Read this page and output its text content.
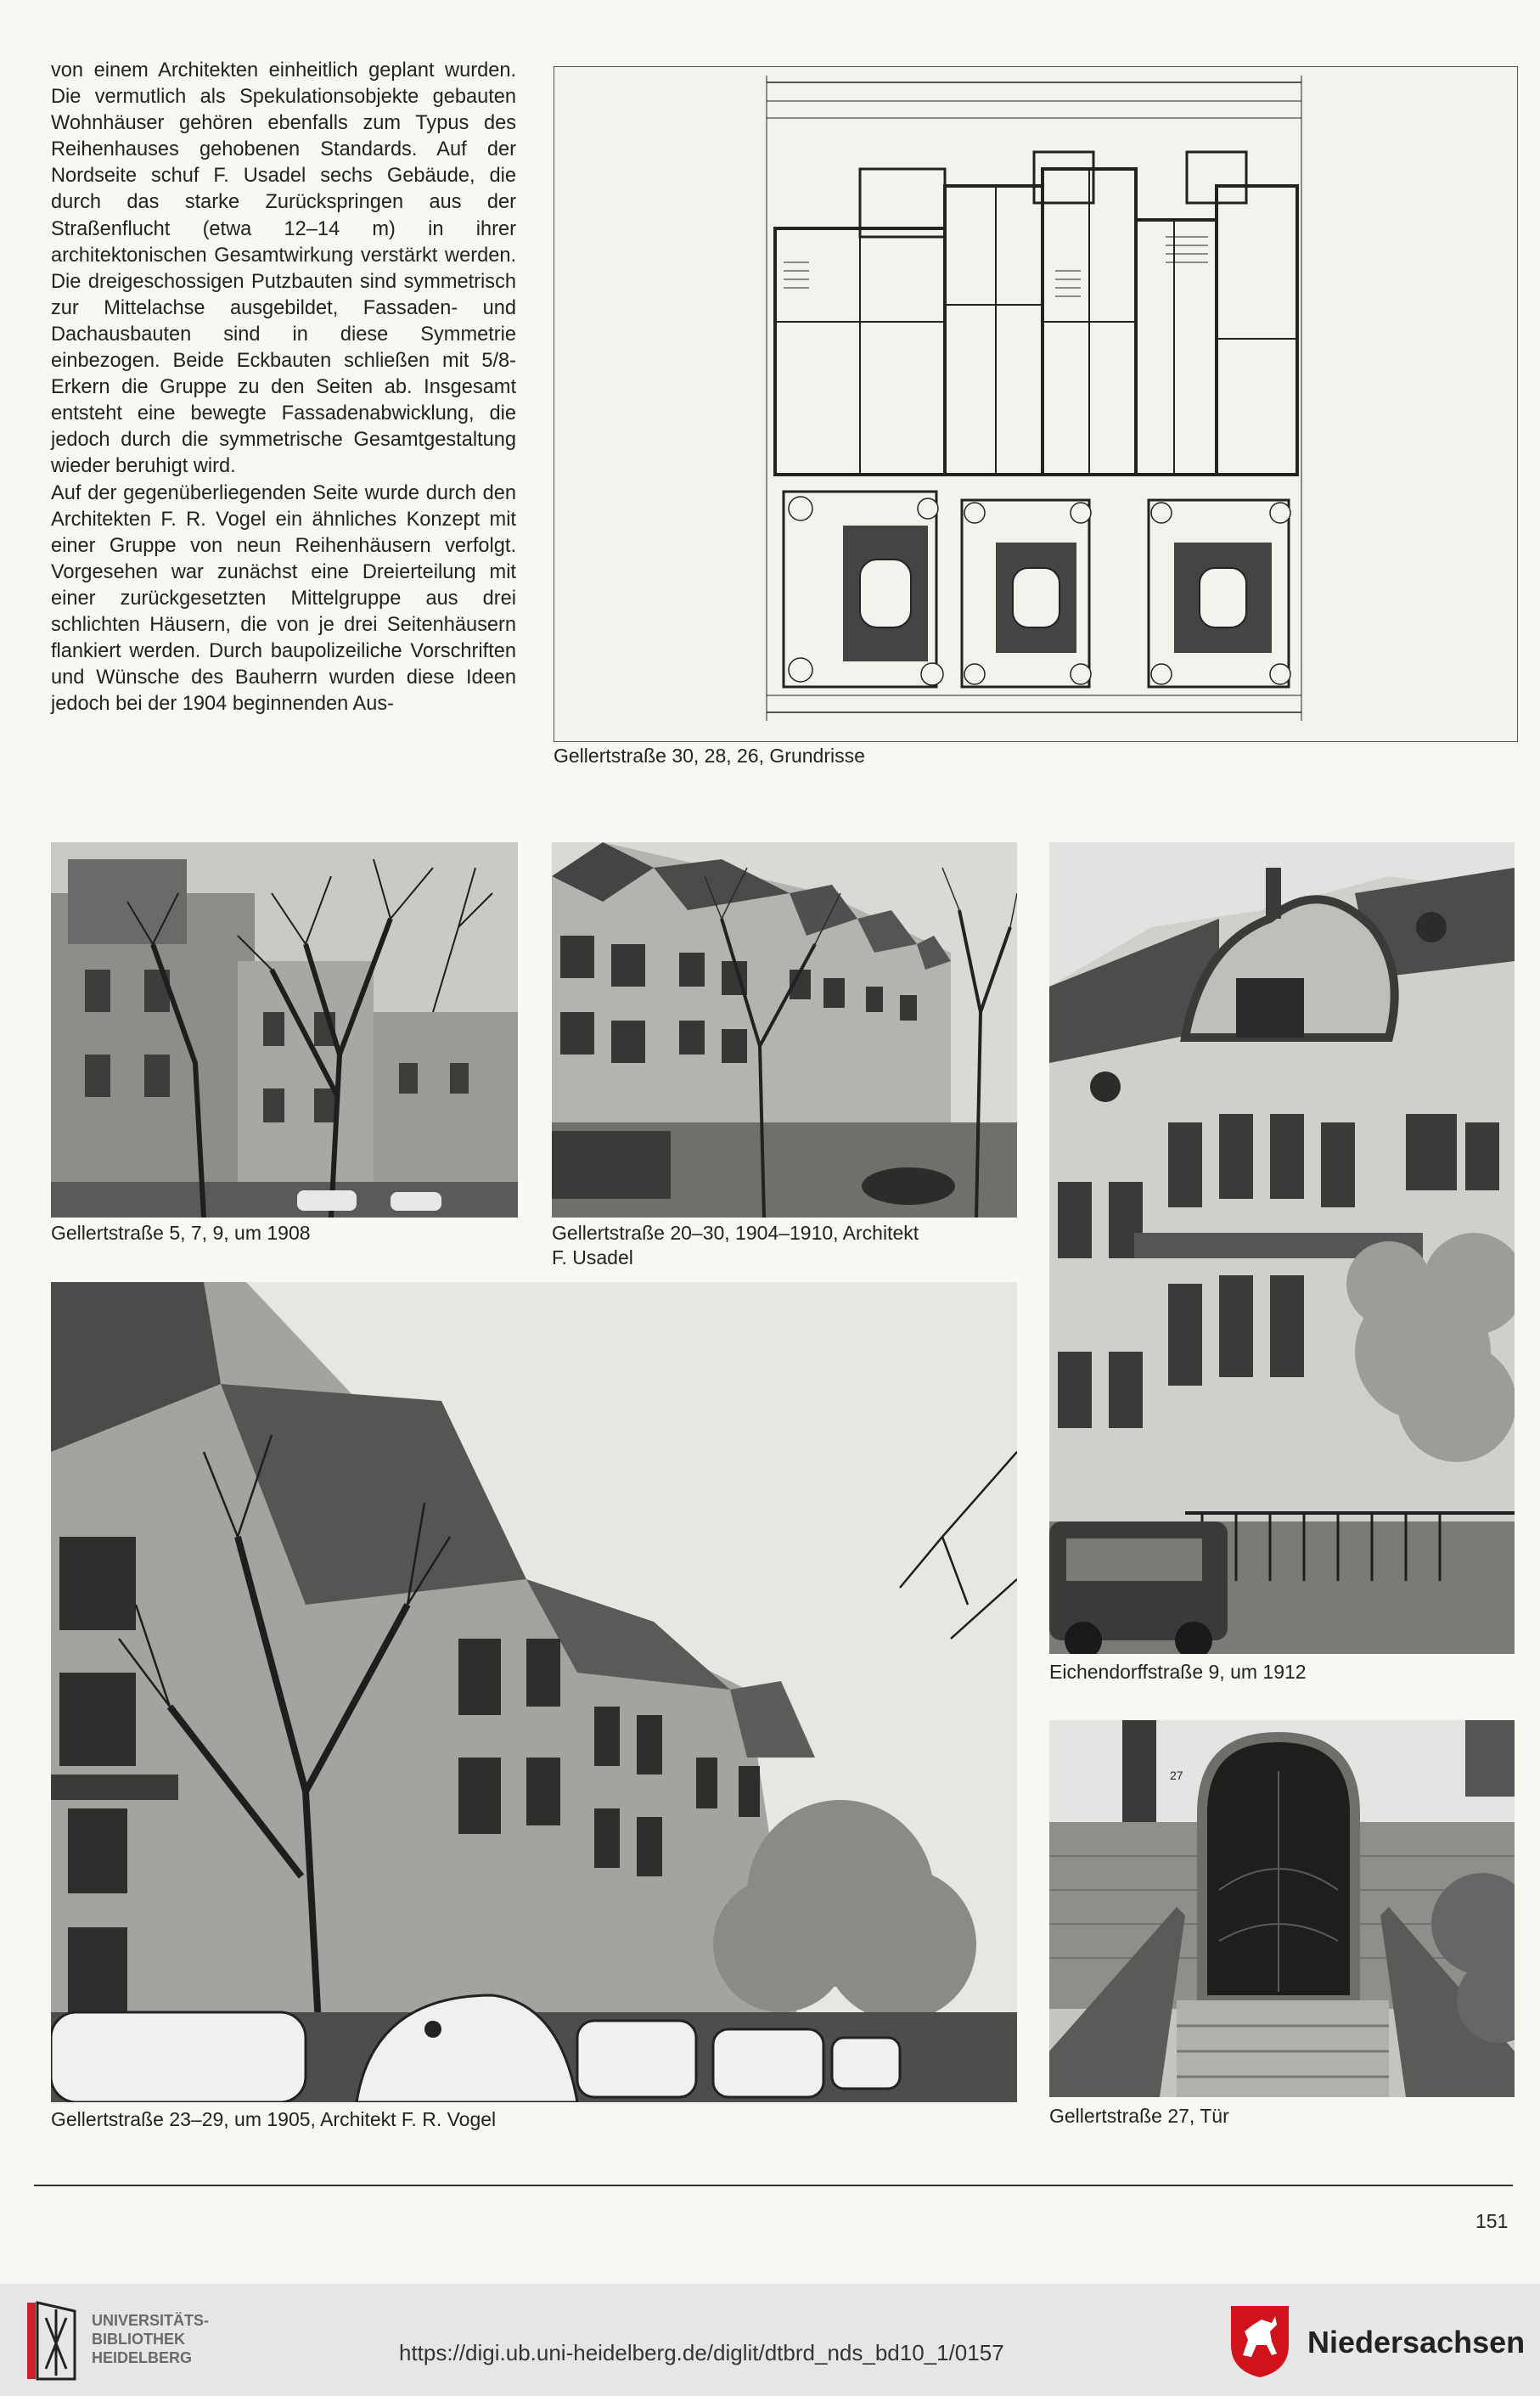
von einem Architekten einheitlich geplant wurden. Die vermutlich als Spekulationsobjekte gebauten Wohnhäuser gehören ebenfalls zum Typus des Reihenhauses gehobenen Standards. Auf der Nordseite schuf F. Usadel sechs Gebäude, die durch das starke Zurückspringen aus der Straßenflucht (etwa 12–14 m) in ihrer architektonischen Gesamtwirkung verstärkt werden. Die dreigeschossigen Putzbauten sind symmetrisch zur Mittelachse ausgebildet, Fassaden- und Dachausbauten sind in diese Symmetrie einbezogen. Beide Eckbauten schließen mit 5/8-Erkern die Gruppe zu den Seiten ab. Insgesamt entsteht eine bewegte Fassadenabwicklung, die jedoch durch die symmetrische Gesamtgestaltung wieder beruhigt wird.

Auf der gegenüberliegenden Seite wurde durch den Architekten F. R. Vogel ein ähnliches Konzept mit einer Gruppe von neun Reihenhäusern verfolgt. Vorgesehen war zunächst eine Dreierteilung mit einer zurückgesetzten Mittelgruppe aus drei schlichten Häusern, die von je drei Seitenhäusern flankiert werden. Durch baupolizeiliche Vorschriften und Wünsche des Bauherrn wurden diese Ideen jedoch bei der 1904 beginnenden Aus-

Gellertstraße 30, 28, 26, Grundrisse
Gellertstraße 5, 7, 9, um 1908	Gellertstraße 20–30, 1904–1910, Architekt
F. Usadel
Eichendorffstraße 9, um 1912
Gellertstraße 23–29, um 1905, Architekt F. R. Vogel
27
Gellertstraße 27, Tür
151
UNIVERSITÄTS-
BIBLIOTHEK
HEIDELBERG	https://digi.ub.uni-heidelberg.de/diglit/dtbrd_nds_bd10_1/0157	Niedersachsen
